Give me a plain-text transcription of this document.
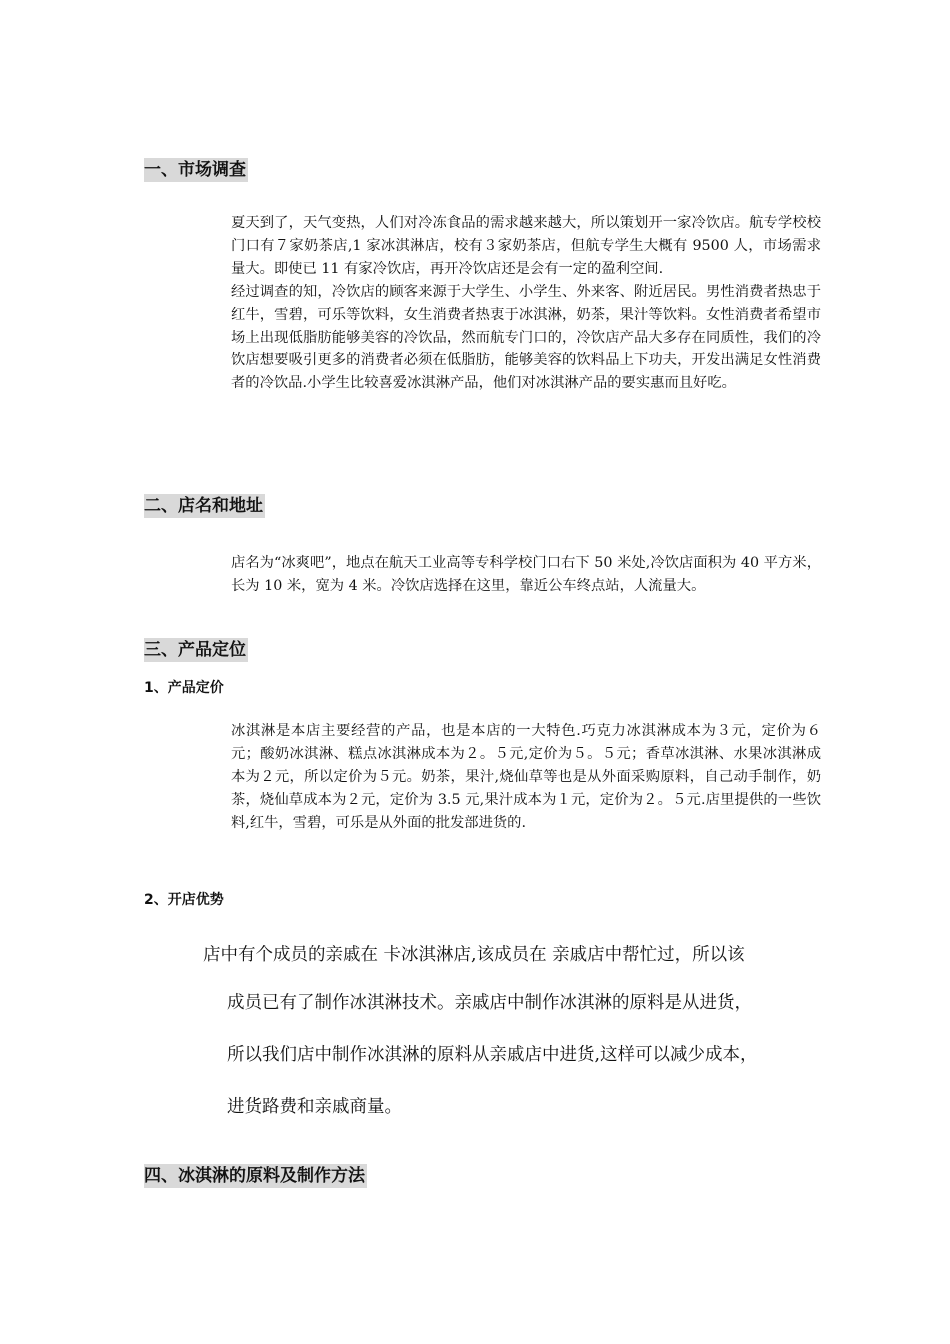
一、市场调查

夏天到了，天气变热，人们对冷冻食品的需求越来越大，所以策划开一家冷饮店。航专学校校门口有７家奶茶店,1 家冰淇淋店，校有３家奶茶店，但航专学生大概有 9500 人，市场需求量大。即使已 11 有家冷饮店，再开冷饮店还是会有一定的盈利空间.

经过调查的知，冷饮店的顾客来源于大学生、小学生、外来客、附近居民。男性消费者热忠于红牛，雪碧，可乐等饮料，女生消费者热衷于冰淇淋，奶茶，果汁等饮料。女性消费者希望市场上出现低脂肪能够美容的冷饮品，然而航专门口的，冷饮店产品大多存在同质性，我们的冷饮店想要吸引更多的消费者必须在低脂肪，能够美容的饮料品上下功夫，开发出满足女性消费者的冷饮品.小学生比较喜爱冰淇淋产品，他们对冰淇淋产品的要实惠而且好吃。

二、店名和地址

店名为“冰爽吧”，地点在航天工业高等专科学校门口右下 50 米处,冷饮店面积为 40 平方米，长为 10 米，宽为 4 米。冷饮店选择在这里，靠近公车终点站，人流量大。

三、产品定位
1、产品定价

冰淇淋是本店主要经营的产品，也是本店的一大特色.巧克力冰淇淋成本为３元，定价为６元；酸奶冰淇淋、糕点冰淇淋成本为２。５元,定价为５。５元；香草冰淇淋、水果冰淇淋成本为２元，所以定价为５元。奶茶，果汁,烧仙草等也是从外面采购原料，自己动手制作，奶茶，烧仙草成本为２元，定价为 3.5 元,果汁成本为１元，定价为２。５元.店里提供的一些饮料,红牛，雪碧，可乐是从外面的批发部进货的.

2、开店优势
店中有个成员的亲戚在 卡冰淇淋店,该成员在 亲戚店中帮忙过，所以该
成员已有了制作冰淇淋技术。亲戚店中制作冰淇淋的原料是从进货，
所以我们店中制作冰淇淋的原料从亲戚店中进货,这样可以减少成本，
进货路费和亲戚商量。
四、冰淇淋的原料及制作方法
